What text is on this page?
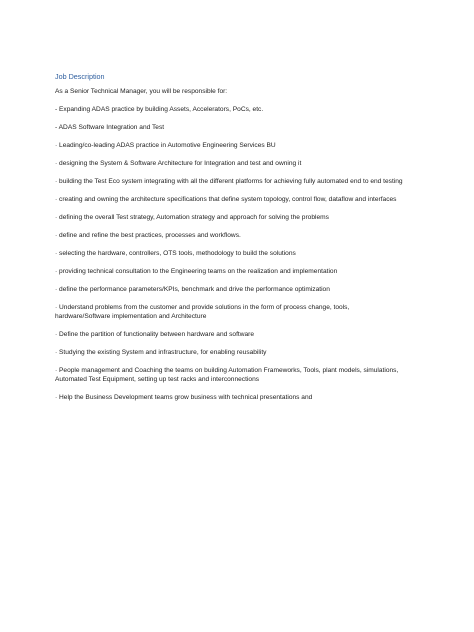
Job Description
As a Senior Technical Manager, you will be responsible for:
- Expanding ADAS practice by building Assets, Accelerators, PoCs, etc.
- ADAS Software Integration and Test
· Leading/co-leading ADAS practice in Automotive Engineering Services BU
· designing the System & Software Architecture for Integration and test and owning it
· building the Test Eco system integrating with all the different platforms for achieving fully automated end to end testing
· creating and owning the architecture specifications that define system topology, control flow, dataflow and interfaces
· defining the overall Test strategy, Automation strategy and approach for solving the problems
· define and refine the best practices, processes and workflows.
· selecting the hardware, controllers, OTS tools, methodology to build the solutions
· providing technical consultation to the Engineering teams on the realization and implementation
· define the performance parameters/KPIs, benchmark and drive the performance optimization
· Understand problems from the customer and provide solutions in the form of process change, tools, hardware/Software implementation and Architecture
· Define the partition of functionality between hardware and software
· Studying the existing System and infrastructure, for enabling reusability
· People management and Coaching the teams on building Automation Frameworks, Tools, plant models, simulations, Automated Test Equipment, setting up test racks and interconnections
· Help the Business Development teams grow business with technical presentations and
